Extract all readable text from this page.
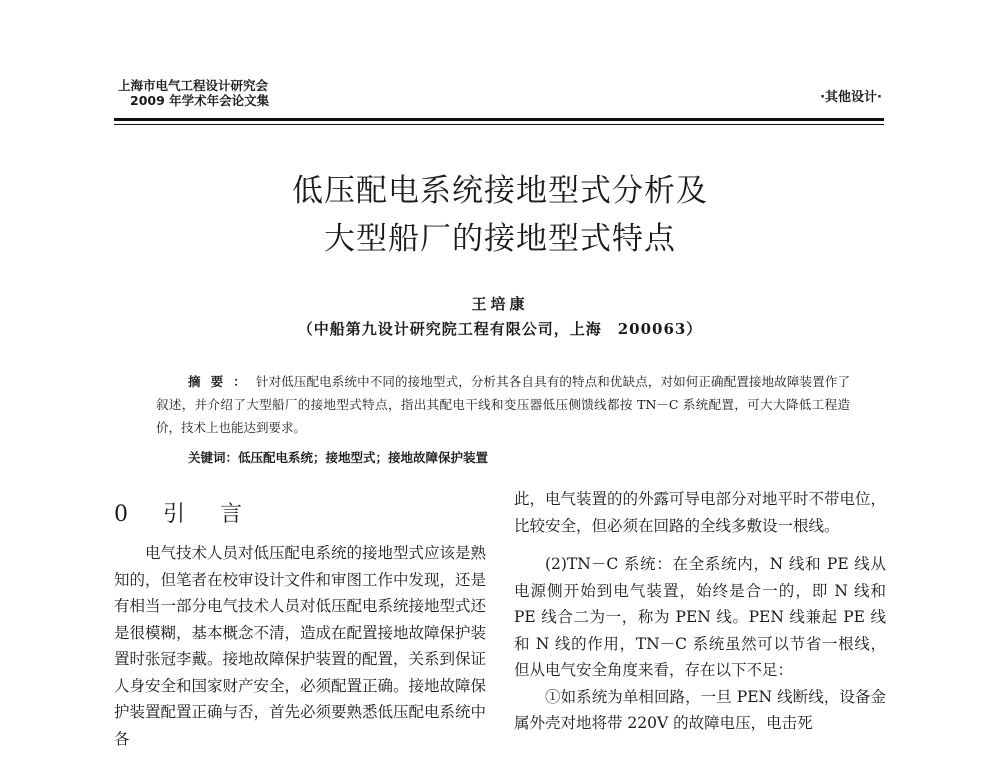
上海市电气工程设计研究会
2009 年学术年会论文集	·其他设计·
低压配电系统接地型式分析及
大型船厂的接地型式特点
王培康
（中船第九设计研究院工程有限公司，上海　200063）

摘要：针对低压配电系统中不同的接地型式，分析其各自具有的特点和优缺点，对如何正确配置接地故障装置作了叙述，并介绍了大型船厂的接地型式特点，指出其配电干线和变压器低压侧馈线都按 TN－C 系统配置，可大大降低工程造价，技术上也能达到要求。

关键词：低压配电系统；接地型式；接地故障保护装置
0 引 言

电气技术人员对低压配电系统的接地型式应该是熟知的，但笔者在校审设计文件和审图工作中发现，还是有相当一部分电气技术人员对低压配电系统接地型式还是很模糊，基本概念不清，造成在配置接地故障保护装置时张冠李戴。接地故障保护装置的配置，关系到保证人身安全和国家财产安全，必须配置正确。接地故障保护装置配置正确与否，首先必须要熟悉低压配电系统中各

此，电气装置的的外露可导电部分对地平时不带电位，比较安全，但必须在回路的全线多敷设一根线。

(2)TN－C 系统：在全系统内，N 线和 PE 线从电源侧开始到电气装置，始终是合一的，即 N 线和 PE 线合二为一，称为 PEN 线。PEN 线兼起 PE 线和 N 线的作用，TN－C 系统虽然可以节省一根线，但从电气安全角度来看，存在以下不足：

①如系统为单相回路，一旦 PEN 线断线，设备金属外壳对地将带 220V 的故障电压，电击死
